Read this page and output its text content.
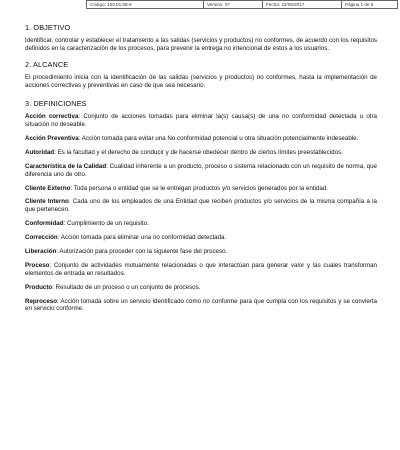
Código: 100.01.08-6	Versión: 07	Fecha: 22/09/2017	Página 1 de 5
1. OBJETIVO

Identificar, controlar y establecer el tratamiento a las salidas (servicios y productos) no conformes, de acuerdo con los requisitos definidos en la caracterización de los procesos, para prevenir la entrega no intencional de estos a los usuarios.

2. ALCANCE

El procedimiento inicia con la identificación de las salidas (servicios y productos) no conformes, hasta la implementación de acciones correctivas y preventivas en caso de que sea necesario.

3. DEFINICIONES

Acción correctiva: Conjunto de acciones tomadas para eliminar la(s) causa(s) de una no conformidad detectada u otra situación no deseable.

Acción Preventiva: Acción tomada para evitar una No conformidad potencial u otra situación potencialmente indeseable.

Autoridad: Es la facultad y el derecho de conducir y de hacerse obedecer dentro de ciertos límites preestablecidos.

Característica de la Calidad: Cualidad inherente a un producto, proceso o sistema relacionado con un requisito de norma, que diferencia uno de otro.

Cliente Externo: Toda persona o entidad que se le entregan productos y/o servicios generados por la entidad.

Cliente Interno: Cada uno de los empleados de una Entidad que reciben productos y/o servicios de la misma compañía a la que pertenecen.

Conformidad: Cumplimiento de un requisito.

Corrección: Acción tomada para eliminar una no conformidad detectada.

Liberación: Autorización para proceder con la siguiente fase del proceso.

Proceso: Conjunto de actividades mutuamente relacionadas o que interactúan para generar valor y las cuales transforman elementos de entrada en resultados.

Producto: Resultado de un proceso o un conjunto de procesos.

Reproceso: Acción tomada sobre un servicio identificado como no conforme para que cumpla con los requisitos y se convierta en servicio conforme.
